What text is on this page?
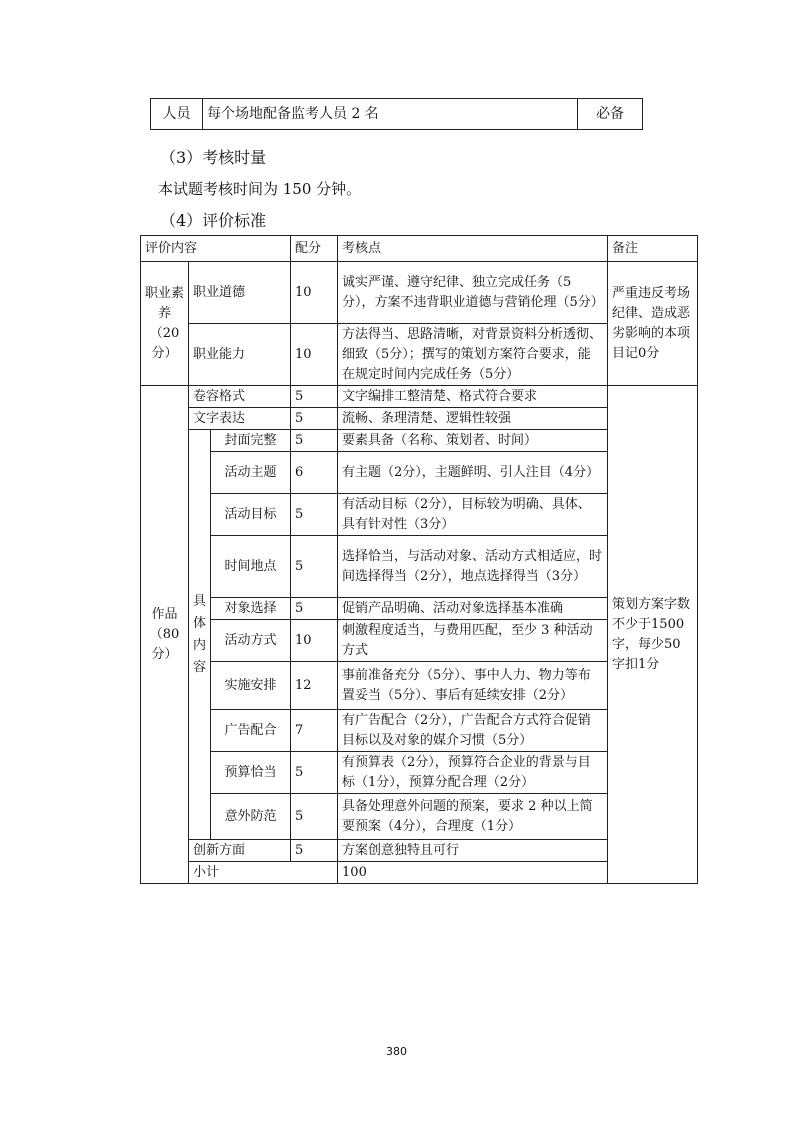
人员	每个场地配备监考人员 2 名	必备
（3）考核时量
本试题考核时间为 150 分钟。
（4）评价标准
评价内容			配分	考核点	备注	
职业素养（20分）	职业道德		10	诚实严谨、遵守纪律、独立完成任务（5分），方案不违背职业道德与营销伦理（5分）	严重违反考场纪律、造成恶劣影响的本项目记0分	
	职业能力		10	方法得当、思路清晰，对背景资料分析透彻、细致（5分）；撰写的策划方案符合要求，能在规定时间内完成任务（5分）		
作品（80分）	卷容格式		5	文字编排工整清楚、格式符合要求	策划方案字数不少于1500字，每少50字扣1分	
	文字表达		5	流畅、条理清楚、逻辑性较强		
	具体内容	封面完整	5	要素具备（名称、策划者、时间）		
		活动主题	6	有主题（2分），主题鲜明、引人注目（4分）		
		活动目标	5	有活动目标（2分），目标较为明确、具体、具有针对性（3分）		
		时间地点	5	选择恰当，与活动对象、活动方式相适应，时间选择得当（2分），地点选择得当（3分）		
		对象选择	5	促销产品明确、活动对象选择基本准确		
		活动方式	10	刺激程度适当，与费用匹配，至少 3 种活动方式		
		实施安排	12	事前准备充分（5分）、事中人力、物力等布置妥当（5分）、事后有延续安排（2分）		
		广告配合	7	有广告配合（2分），广告配合方式符合促销目标以及对象的媒介习惯（5分）		
		预算恰当	5	有预算表（2分），预算符合企业的背景与目标（1分），预算分配合理（2分）		
		意外防范	5	具备处理意外问题的预案，要求 2 种以上简要预案（4分），合理度（1分）		
	创新方面		5	方案创意独特且可行		
	小计			100		
380
